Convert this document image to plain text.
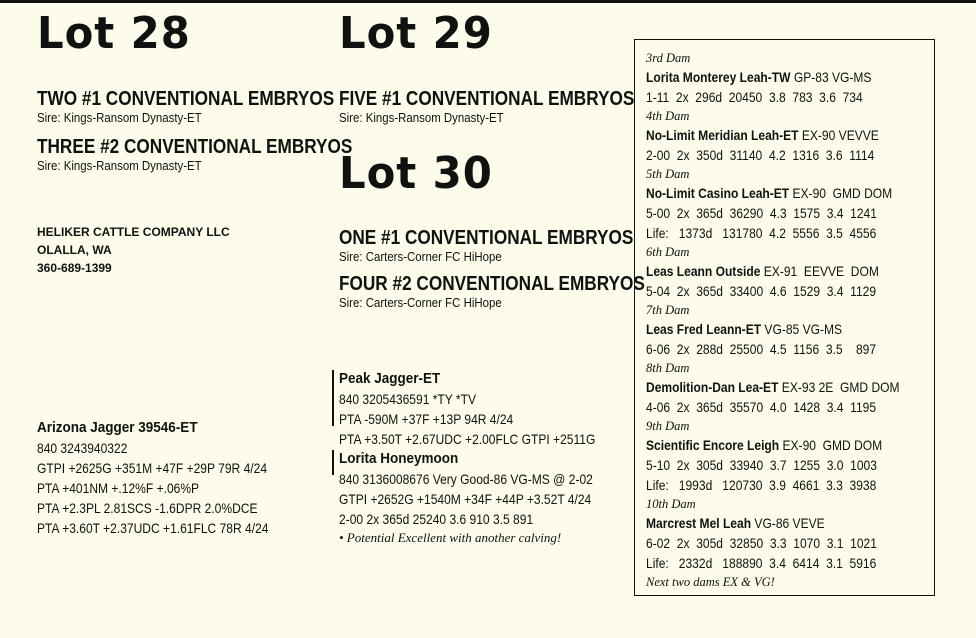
Lot 28
TWO #1 CONVENTIONAL EMBRYOS
Sire: Kings-Ransom Dynasty-ET
THREE #2 CONVENTIONAL EMBRYOS
Sire: Kings-Ransom Dynasty-ET
HELIKER CATTLE COMPANY LLC
OLALLA, WA
360-689-1399
Arizona Jagger 39546-ET
840 3243940322
GTPI +2625G +351M +47F +29P 79R 4/24
PTA +401NM +.12%F +.06%P
PTA +2.3PL 2.81SCS -1.6DPR 2.0%DCE
PTA +3.60T +2.37UDC +1.61FLC 78R 4/24
Lot 29
FIVE #1 CONVENTIONAL EMBRYOS
Sire: Kings-Ransom Dynasty-ET
Lot 30
ONE #1 CONVENTIONAL EMBRYOS
Sire: Carters-Corner FC HiHope
FOUR #2 CONVENTIONAL EMBRYOS
Sire: Carters-Corner FC HiHope
Peak Jagger-ET
840 3205436591 *TY *TV
PTA -590M +37F +13P 94R 4/24
PTA +3.50T +2.67UDC +2.00FLC GTPI +2511G
Lorita Honeymoon
840 3136008676 Very Good-86 VG-MS @ 2-02
GTPI +2652G +1540M +34F +44P +3.52T 4/24
2-00 2x 365d 25240 3.6 910 3.5 891
• Potential Excellent with another calving!
3rd Dam
Lorita Monterey Leah-TW GP-83 VG-MS
1-11  2x  296d  20450  3.8  783  3.6  734
4th Dam
No-Limit Meridian Leah-ET EX-90 VEVVE
2-00  2x  350d  31140  4.2  1316  3.6  1114
5th Dam
No-Limit Casino Leah-ET EX-90  GMD DOM
5-00  2x  365d  36290  4.3  1575  3.4  1241
Life:   1373d   131780  4.2  5556  3.5  4556
6th Dam
Leas Leann Outside EX-91  EEVVE  DOM
5-04  2x  365d  33400  4.6  1529  3.4  1129
7th Dam
Leas Fred Leann-ET VG-85 VG-MS
6-06  2x  288d  25500  4.5  1156  3.5    897
8th Dam
Demolition-Dan Lea-ET EX-93 2E  GMD DOM
4-06  2x  365d  35570  4.0  1428  3.4  1195
9th Dam
Scientific Encore Leigh EX-90  GMD DOM
5-10  2x  305d  33940  3.7  1255  3.0  1003
Life:   1993d   120730  3.9  4661  3.3  3938
10th Dam
Marcrest Mel Leah VG-86 VEVE
6-02  2x  305d  32850  3.3  1070  3.1  1021
Life:   2332d   188890  3.4  6414  3.1  5916
Next two dams EX & VG!
